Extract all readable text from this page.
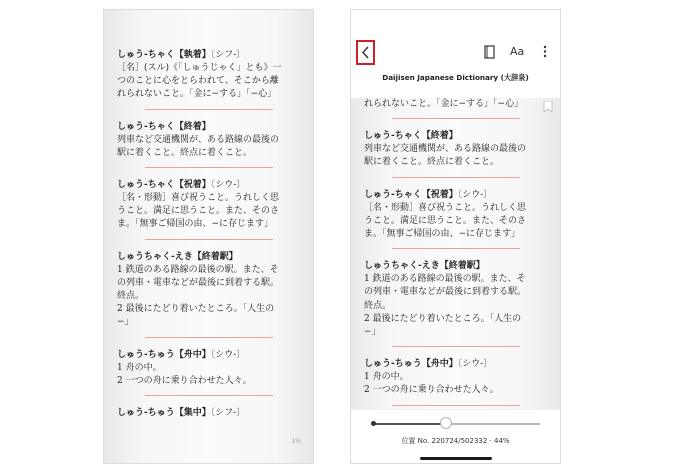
しゅう-ちゃく【執着】〔シフ-〕
［名］(スル)《「しゅうじゃく」とも》一
つのことに心をとらわれて、そこから離
れられないこと。「金に−する」「−心」
しゅう-ちゃく【終着】
列車など交通機関が、ある路線の最後の
駅に着くこと。終点に着くこと。
しゅう-ちゃく【祝着】〔シウ-〕
［名・形動］喜び祝うこと。うれしく思
うこと。満足に思うこと。また、そのさ
ま。「無事ご帰国の由、−に存じます」
しゅうちゃく-えき【終着駅】
1 鉄道のある路線の最後の駅。また、そ
の列車・電車などが最後に到着する駅。
終点。
2 最後にたどり着いたところ。「人生の
−」
しゅう-ちゅう【舟中】〔シウ-〕
1 舟の中。
2 一つの舟に乗り合わせた人々。
しゅう-ちゅう【集中】〔シフ-〕
1%
Aa
Daijisen Japanese Dictionary (大辞泉)
れられないこと。「金に−する」「−心」
しゅう-ちゃく【終着】
列車など交通機関が、ある路線の最後の
駅に着くこと。終点に着くこと。
しゅう-ちゃく【祝着】〔シウ-〕
［名・形動］喜び祝うこと。うれしく思
うこと。満足に思うこと。また、そのさ
ま。「無事ご帰国の由、−に存じます」
しゅうちゃく-えき【終着駅】
1 鉄道のある路線の最後の駅。また、そ
の列車・電車などが最後に到着する駅。
終点。
2 最後にたどり着いたところ。「人生の
−」
しゅう-ちゅう【舟中】〔シウ-〕
1 舟の中。
2 一つの舟に乗り合わせた人々。
位置 No. 220724/502332 · 44%
